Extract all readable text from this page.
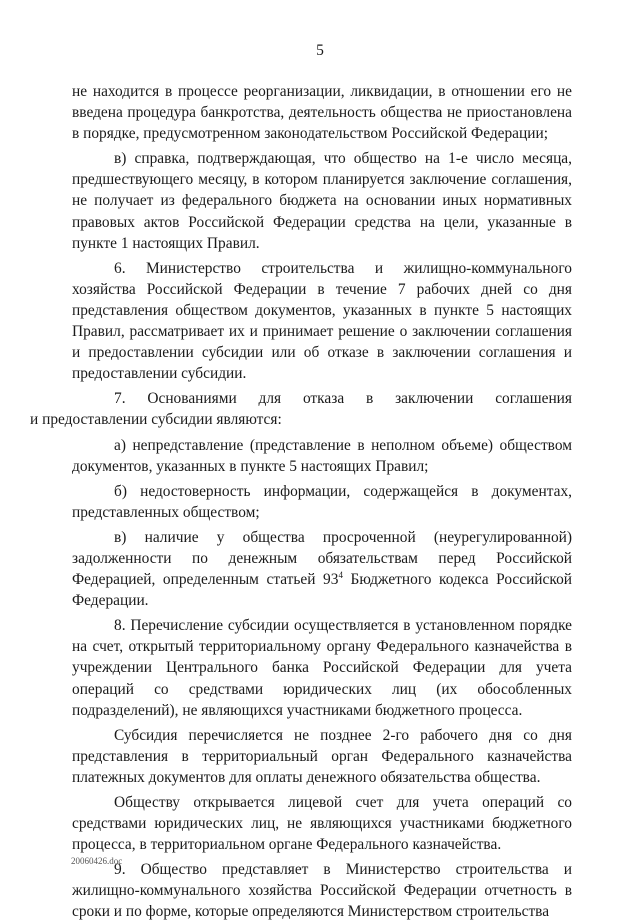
5

не находится в процессе реорганизации, ликвидации, в отношении его не введена процедура банкротства, деятельность общества не приостановлена в порядке, предусмотренном законодательством Российской Федерации;

в) справка, подтверждающая, что общество на 1-е число месяца, предшествующего месяцу, в котором планируется заключение соглашения, не получает из федерального бюджета на основании иных нормативных правовых актов Российской Федерации средства на цели, указанные в пункте 1 настоящих Правил.

6. Министерство строительства и жилищно-коммунального хозяйства Российской Федерации в течение 7 рабочих дней со дня представления обществом документов, указанных в пункте 5 настоящих Правил, рассматривает их и принимает решение о заключении соглашения и предоставлении субсидии или об отказе в заключении соглашения и предоставлении субсидии.

7. Основаниями для отказа в заключении соглашения
и предоставлении субсидии являются:

а) непредставление (представление в неполном объеме) обществом документов, указанных в пункте 5 настоящих Правил;

б) недостоверность информации, содержащейся в документах, представленных обществом;

в) наличие у общества просроченной (неурегулированной) задолженности по денежным обязательствам перед Российской Федерацией, определенным статьей $93^4$ Бюджетного кодекса Российской Федерации.

8. Перечисление субсидии осуществляется в установленном порядке на счет, открытый территориальному органу Федерального казначейства в учреждении Центрального банка Российской Федерации для учета операций со средствами юридических лиц (их обособленных подразделений), не являющихся участниками бюджетного процесса.

Субсидия перечисляется не позднее 2-го рабочего дня со дня представления в территориальный орган Федерального казначейства платежных документов для оплаты денежного обязательства общества.

Обществу открывается лицевой счет для учета операций со средствами юридических лиц, не являющихся участниками бюджетного процесса, в территориальном органе Федерального казначейства.

9. Общество представляет в Министерство строительства и жилищно-коммунального хозяйства Российской Федерации отчетность в сроки и по форме, которые определяются Министерством строительства

20060426.doc
